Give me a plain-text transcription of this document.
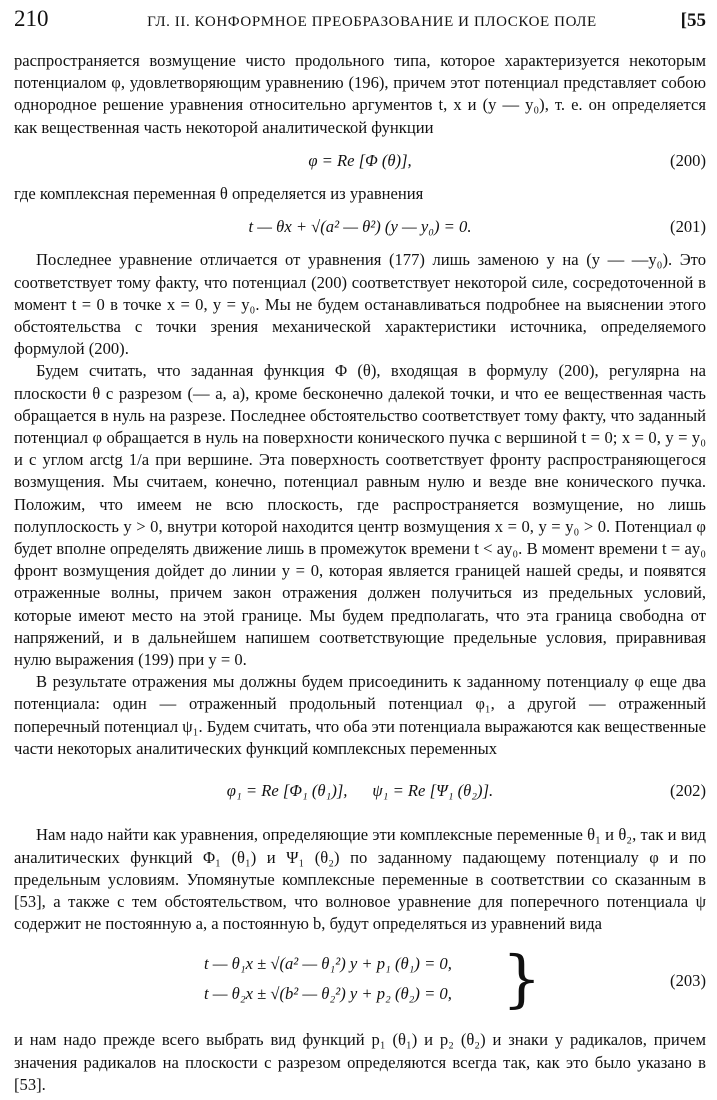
210	ГЛ. II. КОНФОРМНОЕ ПРЕОБРАЗОВАНИЕ И ПЛОСКОЕ ПОЛЕ	[55

распространяется возмущение чисто продольного типа, которое характеризуется некоторым потенциалом φ, удовлетворяющим уравнению (196), причем этот потенциал представляет собою однородное решение уравнения относительно аргументов t, x и (y — y₀), т. е. он определяется как вещественная часть некоторой аналитической функции

φ = Re [Φ (θ)],	(200)

где комплексная переменная θ определяется из уравнения

t — θx + √(a² — θ²) (y — y₀) = 0.	(201)

Последнее уравнение отличается от уравнения (177) лишь заменою y на (y — —y₀). Это соответствует тому факту, что потенциал (200) соответствует некоторой силе, сосредоточенной в момент t = 0 в точке x = 0, y = y₀. Мы не будем останавливаться подробнее на выяснении этого обстоятельства с точки зрения механической характеристики источника, определяемого формулой (200).

Будем считать, что заданная функция Φ (θ), входящая в формулу (200), регулярна на плоскости θ с разрезом (— a, a), кроме бесконечно далекой точки, и что ее вещественная часть обращается в нуль на разрезе. Последнее обстоятельство соответствует тому факту, что заданный потенциал φ обращается в нуль на поверхности конического пучка с вершиной t = 0; x = 0, y = y₀ и с углом arctg 1/a при вершине. Эта поверхность соответствует фронту распространяющегося возмущения. Мы считаем, конечно, потенциал равным нулю и везде вне конического пучка. Положим, что имеем не всю плоскость, где распространяется возмущение, но лишь полуплоскость y > 0, внутри которой находится центр возмущения x = 0, y = y₀ > 0. Потенциал φ будет вполне определять движение лишь в промежуток времени t < ay₀. В момент времени t = ay₀ фронт возмущения дойдет до линии y = 0, которая является границей нашей среды, и появятся отраженные волны, причем закон отражения должен получиться из предельных условий, которые имеют место на этой границе. Мы будем предполагать, что эта граница свободна от напряжений, и в дальнейшем напишем соответствующие предельные условия, приравнивая нулю выражения (199) при y = 0.

В результате отражения мы должны будем присоединить к заданному потенциалу φ еще два потенциала: один — отраженный продольный потенциал φ₁, а другой — отраженный поперечный потенциал ψ₁. Будем считать, что оба эти потенциала выражаются как вещественные части некоторых аналитических функций комплексных переменных

φ₁ = Re [Φ₁ (θ₁)],      ψ₁ = Re [Ψ₁ (θ₂)].	(202)

Нам надо найти как уравнения, определяющие эти комплексные переменные θ₁ и θ₂, так и вид аналитических функций Φ₁ (θ₁) и Ψ₁ (θ₂) по заданному падающему потенциалу φ и по предельным условиям. Упомянутые комплексные переменные в соответствии со сказанным в [53], а также с тем обстоятельством, что волновое уравнение для поперечного потенциала ψ содержит не постоянную a, а постоянную b, будут определяться из уравнений вида

t — θ₁x ± √(a² — θ₁²) y + p₁ (θ₁) = 0,
t — θ₂x ± √(b² — θ₂²) y + p₂ (θ₂) = 0, }	(203)

и нам надо прежде всего выбрать вид функций p₁ (θ₁) и p₂ (θ₂) и знаки у радикалов, причем значения радикалов на плоскости с разрезом определяются всегда так, как это было указано в [53].
